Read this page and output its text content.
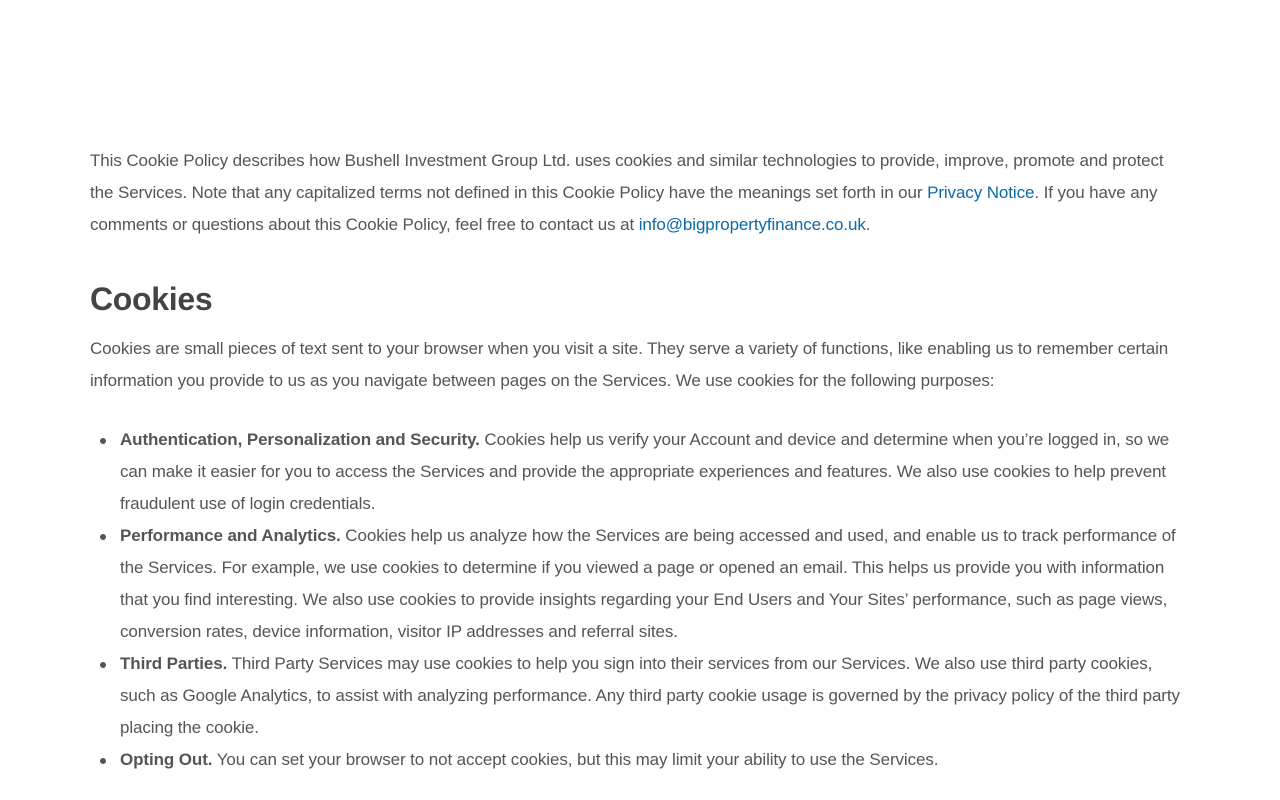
This Cookie Policy describes how Bushell Investment Group Ltd. uses cookies and similar technologies to provide, improve, promote and protect the Services. Note that any capitalized terms not defined in this Cookie Policy have the meanings set forth in our Privacy Notice. If you have any comments or questions about this Cookie Policy, feel free to contact us at info@bigpropertyfinance.co.uk.

Cookies

Cookies are small pieces of text sent to your browser when you visit a site. They serve a variety of functions, like enabling us to remember certain information you provide to us as you navigate between pages on the Services. We use cookies for the following purposes:

Authentication, Personalization and Security. Cookies help us verify your Account and device and determine when you’re logged in, so we can make it easier for you to access the Services and provide the appropriate experiences and features. We also use cookies to help prevent fraudulent use of login credentials.
Performance and Analytics. Cookies help us analyze how the Services are being accessed and used, and enable us to track performance of the Services. For example, we use cookies to determine if you viewed a page or opened an email. This helps us provide you with information that you find interesting. We also use cookies to provide insights regarding your End Users and Your Sites’ performance, such as page views, conversion rates, device information, visitor IP addresses and referral sites.
Third Parties. Third Party Services may use cookies to help you sign into their services from our Services. We also use third party cookies, such as Google Analytics, to assist with analyzing performance. Any third party cookie usage is governed by the privacy policy of the third party placing the cookie.
Opting Out. You can set your browser to not accept cookies, but this may limit your ability to use the Services.
